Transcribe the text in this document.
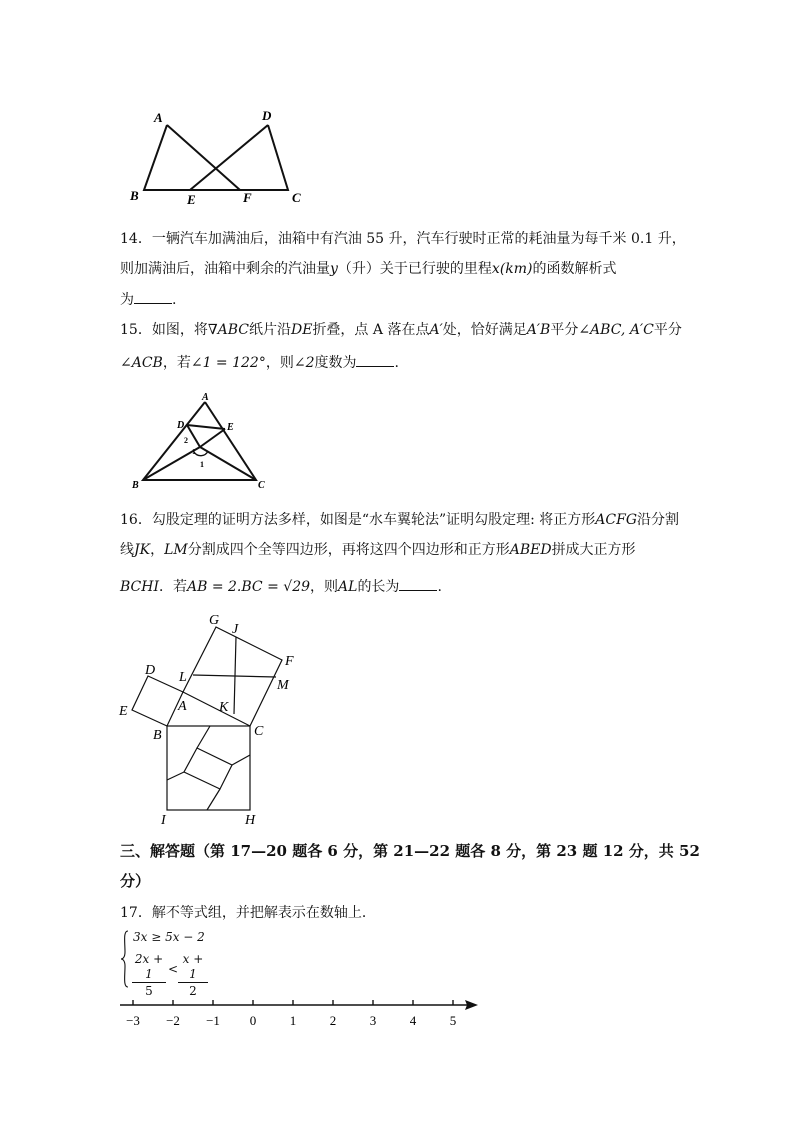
A	D
B	E	F	C
14．一辆汽车加满油后，油箱中有汽油 55 升，汽车行驶时正常的耗油量为每千米 0.1 升，
则加满油后，油箱中剩余的汽油量y（升）关于已行驶的里程x(km)的函数解析式
为	.
15．如图，将∇ABC纸片沿DE折叠，点 A 落在点A′处，恰好满足A′B平分∠ABC, A′C平分
∠ACB，若∠1 = 122°，则∠2度数为	.
A
D	E
2
1
1
B	C
16．勾股定理的证明方法多样，如图是“水车翼轮法”证明勾股定理: 将正方形ACFG沿分割
线JK，LM分割成四个全等四边形，再将这四个四边形和正方形ABED拼成大正方形
BCHI．若AB = 2.BC = √29，则AL的长为	.
G
J
F
D L
M
E	A K
B	C
I	H
三、解答题（第 17—20 题各 6 分，第 21—22 题各 8 分，第 23 题 12 分，共 52
分）
17．解不等式组，并把解表示在数轴上．
3x ≥ 5x − 2
$\frac{2x + 1}{5} < \frac{x + 1}{2}$
−3 −2 −1 0	1	2	3	4	5
